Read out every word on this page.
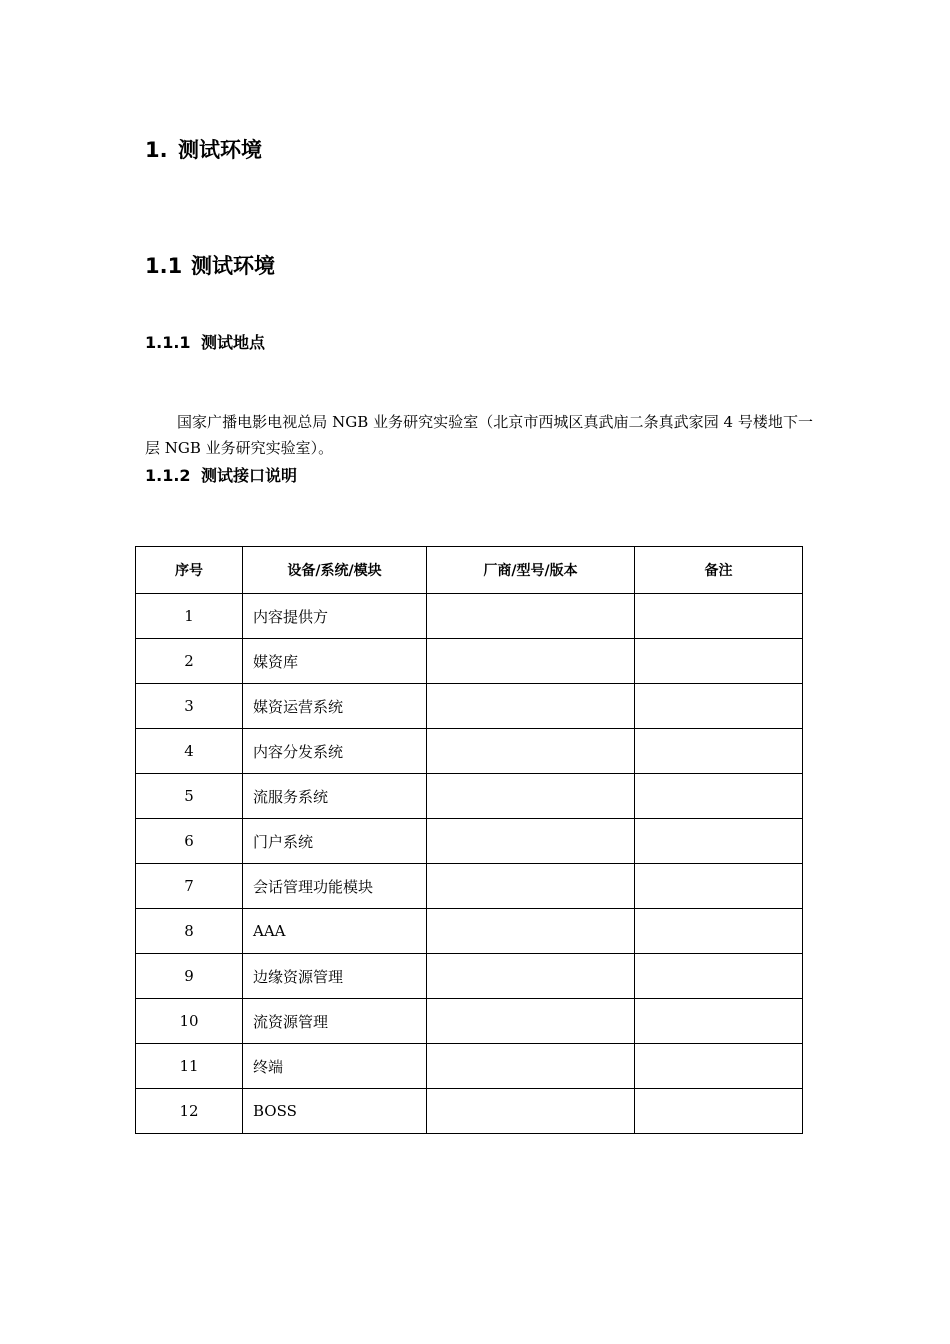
1. 测试环境
1.1 测试环境
1.1.1 测试地点

国家广播电影电视总局 NGB 业务研究实验室（北京市西城区真武庙二条真武家园 4 号楼地下一层 NGB 业务研究实验室）。

1.1.2 测试接口说明
序号	设备/系统/模块	厂商/型号/版本	备注
1	内容提供方		
2	媒资库		
3	媒资运营系统		
4	内容分发系统		
5	流服务系统		
6	门户系统		
7	会话管理功能模块		
8	AAA		
9	边缘资源管理		
10	流资源管理		
11	终端		
12	BOSS		
